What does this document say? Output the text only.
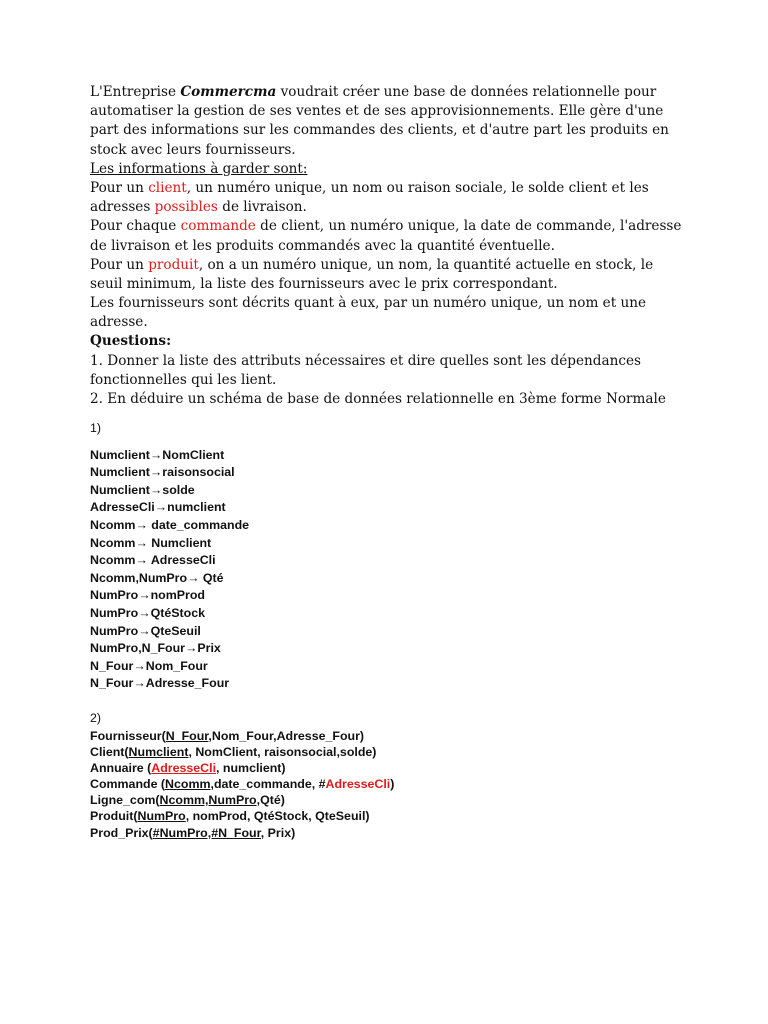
L'Entreprise Commercma voudrait créer une base de données relationnelle pour
automatiser la gestion de ses ventes et de ses approvisionnements. Elle gère d'une
part des informations sur les commandes des clients, et d'autre part les produits en
stock avec leurs fournisseurs.
Les informations à garder sont:
Pour un client, un numéro unique, un nom ou raison sociale, le solde client et les
adresses possibles de livraison.
Pour chaque commande de client, un numéro unique, la date de commande, l'adresse
de livraison et les produits commandés avec la quantité éventuelle.
Pour un produit, on a un numéro unique, un nom, la quantité actuelle en stock, le
seuil minimum, la liste des fournisseurs avec le prix correspondant.
Les fournisseurs sont décrits quant à eux, par un numéro unique, un nom et une
adresse.
Questions:
1. Donner la liste des attributs nécessaires et dire quelles sont les dépendances
fonctionnelles qui les lient.
2. En déduire un schéma de base de données relationnelle en 3ème forme Normale
1)
Numclient→NomClient
Numclient→raisonsocial
Numclient→solde
AdresseCli→numclient
Ncomm→ date_commande
Ncomm→ Numclient
Ncomm→ AdresseCli
Ncomm,NumPro→ Qté
NumPro→nomProd
NumPro→QtéStock
NumPro→QteSeuil
NumPro,N_Four→Prix
N_Four→Nom_Four
N_Four→Adresse_Four
2)
Fournisseur(N_Four,Nom_Four,Adresse_Four)
Client(Numclient, NomClient, raisonsocial,solde)
Annuaire (AdresseCli, numclient)
Commande (Ncomm,date_commande, #AdresseCli)
Ligne_com(Ncomm,NumPro,Qté)
Produit(NumPro, nomProd, QtéStock, QteSeuil)
Prod_Prix(#NumPro,#N_Four, Prix)
